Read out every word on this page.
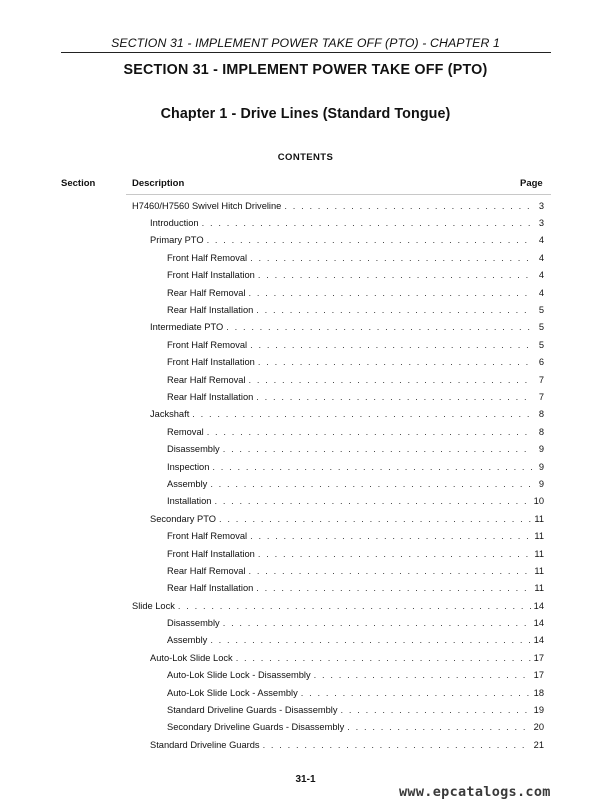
SECTION 31 - IMPLEMENT POWER TAKE OFF (PTO) - CHAPTER 1
SECTION 31 - IMPLEMENT POWER TAKE OFF (PTO)
Chapter 1 - Drive Lines (Standard Tongue)
CONTENTS
Section	Description	Page
H7460/H7560 Swivel Hitch Driveline . . .	3
Introduction . . .	3
Primary PTO . . .	4
Front Half Removal . . .	4
Front Half Installation . . .	4
Rear Half Removal . . .	4
Rear Half Installation . . .	5
Intermediate PTO . . .	5
Front Half Removal . . .	5
Front Half Installation . . .	6
Rear Half Removal . . .	7
Rear Half Installation . . .	7
Jackshaft . . .	8
Removal . . .	8
Disassembly . . .	9
Inspection . . .	9
Assembly . . .	9
Installation . . .	10
Secondary PTO . . .	11
Front Half Removal . . .	11
Front Half Installation . . .	11
Rear Half Removal . . .	11
Rear Half Installation . . .	11
Slide Lock . . .	14
Disassembly . . .	14
Assembly . . .	14
Auto-Lok Slide Lock . . .	17
Auto-Lok Slide Lock - Disassembly . . .	17
Auto-Lok Slide Lock - Assembly . . .	18
Standard Driveline Guards - Disassembly . . .	19
Secondary Driveline Guards - Disassembly . . .	20
Standard Driveline Guards . . .	21
31-1
www.epcatalogs.com
